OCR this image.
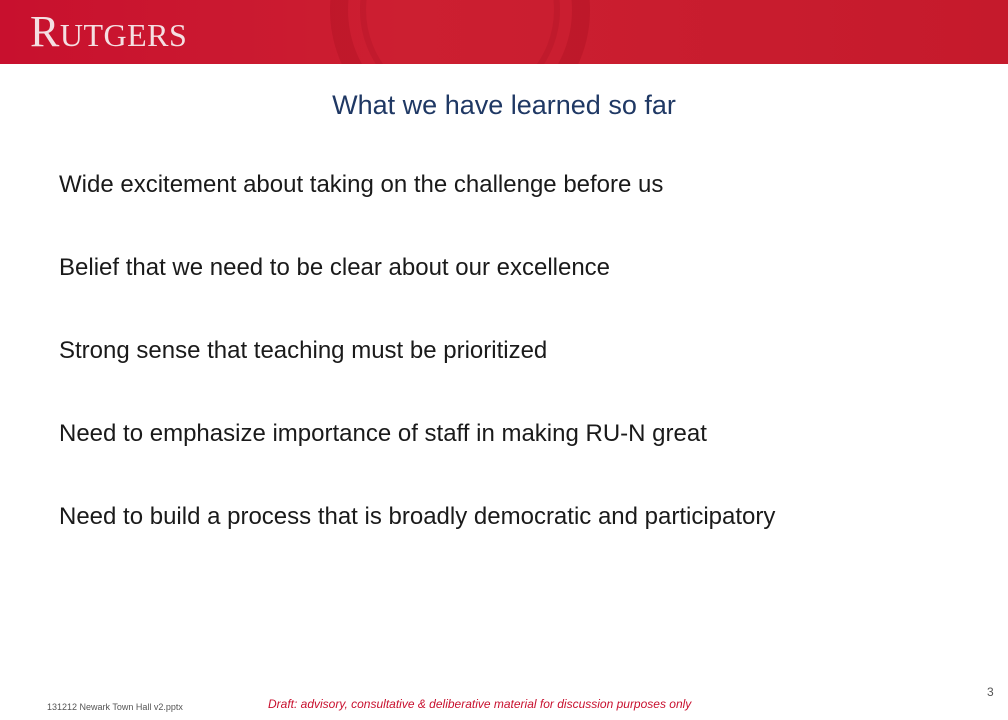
RUTGERS
What we have learned so far
Wide excitement about taking on the challenge before us
Belief that we need to be clear about our excellence
Strong sense that teaching must be prioritized
Need to emphasize importance of staff in making RU-N great
Need to build a process that is broadly democratic and participatory
131212 Newark Town Hall v2.pptx	Draft: advisory, consultative & deliberative material for discussion purposes only
3
